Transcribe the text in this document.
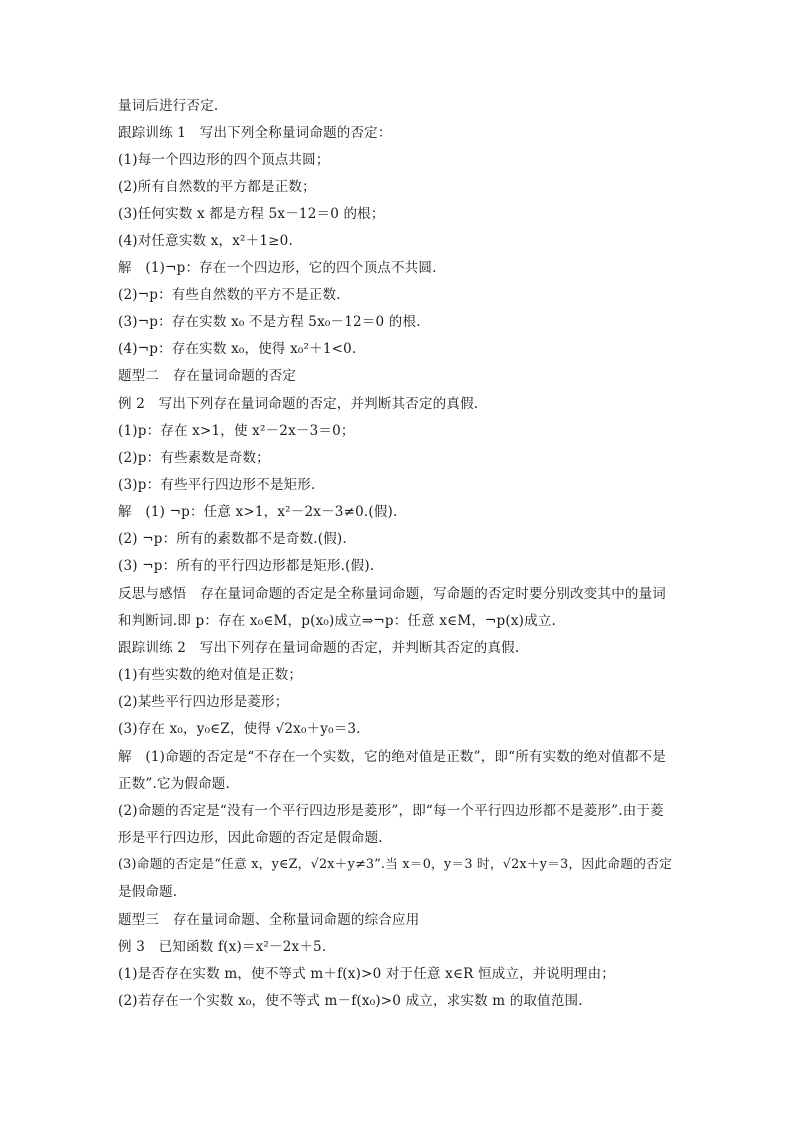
量词后进行否定.
跟踪训练 1　写出下列全称量词命题的否定：
(1)每一个四边形的四个顶点共圆；
(2)所有自然数的平方都是正数；
(3)任何实数 x 都是方程 5x－12＝0 的根；
(4)对任意实数 x，x²＋1≥0.
解　(1)¬p：存在一个四边形，它的四个顶点不共圆.
(2)¬p：有些自然数的平方不是正数.
(3)¬p：存在实数 x₀ 不是方程 5x₀－12＝0 的根.
(4)¬p：存在实数 x₀，使得 x₀²＋1<0.
题型二　存在量词命题的否定
例 2　写出下列存在量词命题的否定，并判断其否定的真假.
(1)p：存在 x>1，使 x²－2x－3＝0；
(2)p：有些素数是奇数；
(3)p：有些平行四边形不是矩形.
解　(1) ¬p：任意 x>1，x²－2x－3≠0.(假).
(2) ¬p：所有的素数都不是奇数.(假).
(3) ¬p：所有的平行四边形都是矩形.(假).
反思与感悟　存在量词命题的否定是全称量词命题，写命题的否定时要分别改变其中的量词
和判断词.即 p：存在 x₀∈M，p(x₀)成立⇒¬p：任意 x∈M，¬p(x)成立.
跟踪训练 2　写出下列存在量词命题的否定，并判断其否定的真假.
(1)有些实数的绝对值是正数；
(2)某些平行四边形是菱形；
(3)存在 x₀，y₀∈Z，使得 √2x₀＋y₀＝3.
解　(1)命题的否定是“不存在一个实数，它的绝对值是正数”，即“所有实数的绝对值都不是
正数”.它为假命题.
(2)命题的否定是“没有一个平行四边形是菱形”，即“每一个平行四边形都不是菱形”.由于菱
形是平行四边形，因此命题的否定是假命题.
(3)命题的否定是“任意 x，y∈Z，√2x＋y≠3”.当 x＝0，y＝3 时，√2x＋y＝3，因此命题的否定
是假命题.
题型三　存在量词命题、全称量词命题的综合应用
例 3　已知函数 f(x)＝x²－2x＋5.
(1)是否存在实数 m，使不等式 m＋f(x)>0 对于任意 x∈R 恒成立，并说明理由；
(2)若存在一个实数 x₀，使不等式 m－f(x₀)>0 成立，求实数 m 的取值范围.
